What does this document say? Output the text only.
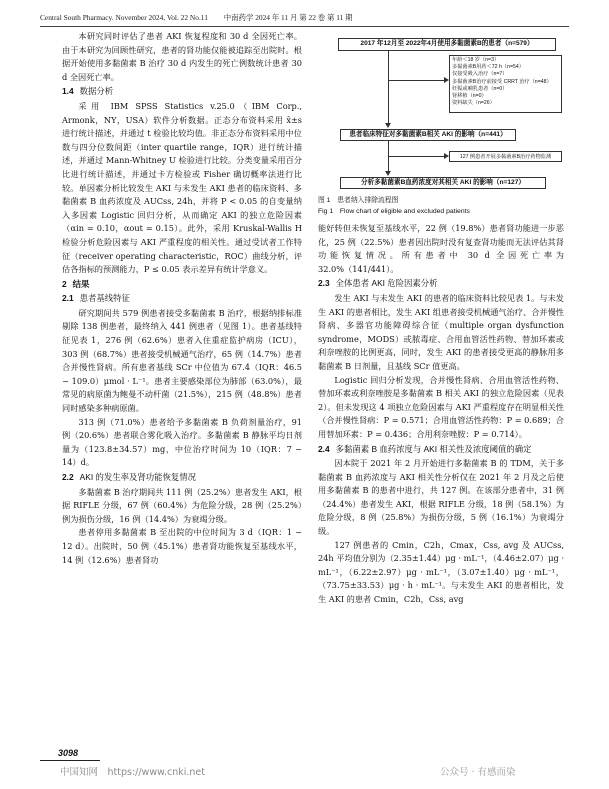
Central South Pharmacy. November 2024, Vol. 22 No.11 中南药学 2024 年 11 月 第 22 卷 第 11 期

本研究同时评估了患者 AKI 恢复程度和 30 d 全因死亡率。由于本研究为回顾性研究，患者的肾功能仅能被追踪至出院时。根据开始使用多黏菌素 B 治疗 30 d 内发生的死亡例数统计患者 30 d 全因死亡率。

1.4 数据分析

采用 IBM SPSS Statistics v.25.0（IBM Corp., Armonk，NY，USA）软件分析数据。正态分布资料采用 x̄±s 进行统计描述，并通过 t 检验比较均值。非正态分布资料采用中位数与四分位数间距（inter quartile range，IQR）进行统计描述，并通过 Mann-Whitney U 检验进行比较。分类变量采用百分比进行统计描述，并通过卡方检验或 Fisher 确切概率法进行比较。单因素分析比较发生 AKI 与未发生 AKI 患者的临床资料、多黏菌素 B 血药浓度及 AUCss, 24h，并将 P < 0.05 的自变量纳入多因素 Logistic 回归分析，从而确定 AKI 的独立危险因素（αin = 0.10，αout = 0.15）。此外，采用 Kruskal-Wallis H 检验分析危险因素与 AKI 严重程度的相关性。通过受试者工作特征（receiver operating characteristic，ROC）曲线分析，评估各指标的预测能力，P ≤ 0.05 表示差异有统计学意义。

2 结果
2.1 患者基线特征

研究期间共 579 例患者接受多黏菌素 B 治疗，根据纳排标准剔除 138 例患者，最终纳入 441 例患者（见图 1）。患者基线特征见表 1，276 例（62.6%）患者入住重症监护病房（ICU），303 例（68.7%）患者接受机械通气治疗，65 例（14.7%）患者合并慢性肾病。所有患者基线 SCr 中位值为 67.4（IQR：46.5 ~ 109.0）μmol · L⁻¹。患者主要感染部位为肺部（63.0%），最常见的病原菌为鲍曼不动杆菌（21.5%），215 例（48.8%）患者同时感染多种病原菌。

313 例（71.0%）患者给予多黏菌素 B 负荷剂量治疗，91 例（20.6%）患者联合雾化吸入治疗。多黏菌素 B 静脉平均日剂量为（123.8±34.57）mg，中位治疗时间为 10（IQR：7 ~ 14）d。

2.2 AKI 的发生率及肾功能恢复情况

多黏菌素 B 治疗期间共 111 例（25.2%）患者发生 AKI，根据 RIFLE 分级，67 例（60.4%）为危险分级，28 例（25.2%）例为损伤分级，16 例（14.4%）为衰竭分级。

患者停用多黏菌素 B 至出院的中位时间为 3 d（IQR：1 ~ 12 d）。出院时，50 例（45.1%）患者肾功能恢复至基线水平，14 例（12.6%）患者肾功

2017 年12月至 2022年4月使用多黏菌素B的患者（n=579）
年龄＜18 岁（n=3）
多黏菌素B用药＜72 h（n=54）
仅接受吸入治疗（n=7）
多黏菌素B治疗前接受 CRRT 治疗（n=48）
妊娠或哺乳患者（n=0）
肾移植（n=0）
资料缺失（n=26）
患者临床特征对多黏菌素B相关 AKI 的影响（n=441）
127 例患者开展多黏菌素B治疗药物监测
分析多黏菌素B血药浓度对其相关 AKI 的影响（n=127）
图 1　患者纳入排除流程图
Fig 1　Flow chart of eligible and excluded patients

能好转但未恢复至基线水平，22 例（19.8%）患者肾功能进一步恶化，25 例（22.5%）患者因出院时没有复查肾功能而无法评估其肾功能恢复情况。所有患者中 30 d 全因死亡率为 32.0%（141/441）。

2.3 全体患者 AKI 危险因素分析

发生 AKI 与未发生 AKI 的患者的临床资料比较见表 1。与未发生 AKI 的患者相比，发生 AKI 组患者接受机械通气治疗、合并慢性肾病、多器官功能障碍综合征（multiple organ dysfunction syndrome，MODS）或脓毒症、合用血管活性药物、替加环素或利奈唑胺的比例更高，同时，发生 AKI 的患者接受更高的静脉用多黏菌素 B 日剂量，且基线 SCr 值更高。

Logistic 回归分析发现，合并慢性肾病、合用血管活性药物、替加环素或利奈唑胺是多黏菌素 B 相关 AKI 的独立危险因素（见表 2）。但未发现这 4 项独立危险因素与 AKI 严重程度存在明显相关性（合并慢性肾病：P = 0.571；合用血管活性药物：P = 0.689；合用替加环素：P = 0.436；合用利奈唑胺：P = 0.714）。

2.4 多黏菌素 B 血药浓度与 AKI 相关性及浓度阈值的确定

因本院于 2021 年 2 月开始进行多黏菌素 B 的 TDM，关于多黏菌素 B 血药浓度与 AKI 相关性分析仅在 2021 年 2 月及之后使用多黏菌素 B 的患者中进行，共 127 例。在该部分患者中，31 例（24.4%）患者发生 AKI，根据 RIFLE 分级，18 例（58.1%）为危险分级，8 例（25.8%）为损伤分级，5 例（16.1%）为衰竭分级。

127 例患者的 Cmin，C2h，Cmax，Css, avg 及 AUCss, 24h 平均值分别为（2.35±1.44）μg · mL⁻¹，（4.46±2.07）μg · mL⁻¹，（6.22±2.97）μg · mL⁻¹，（3.07±1.40）μg · mL⁻¹，（73.75±33.53）μg · h · mL⁻¹。与未发生 AKI 的患者相比，发生 AKI 的患者 Cmin，C2h，Css, avg

3098
中国知网　https://www.cnki.net	公众号 · 有感而染
